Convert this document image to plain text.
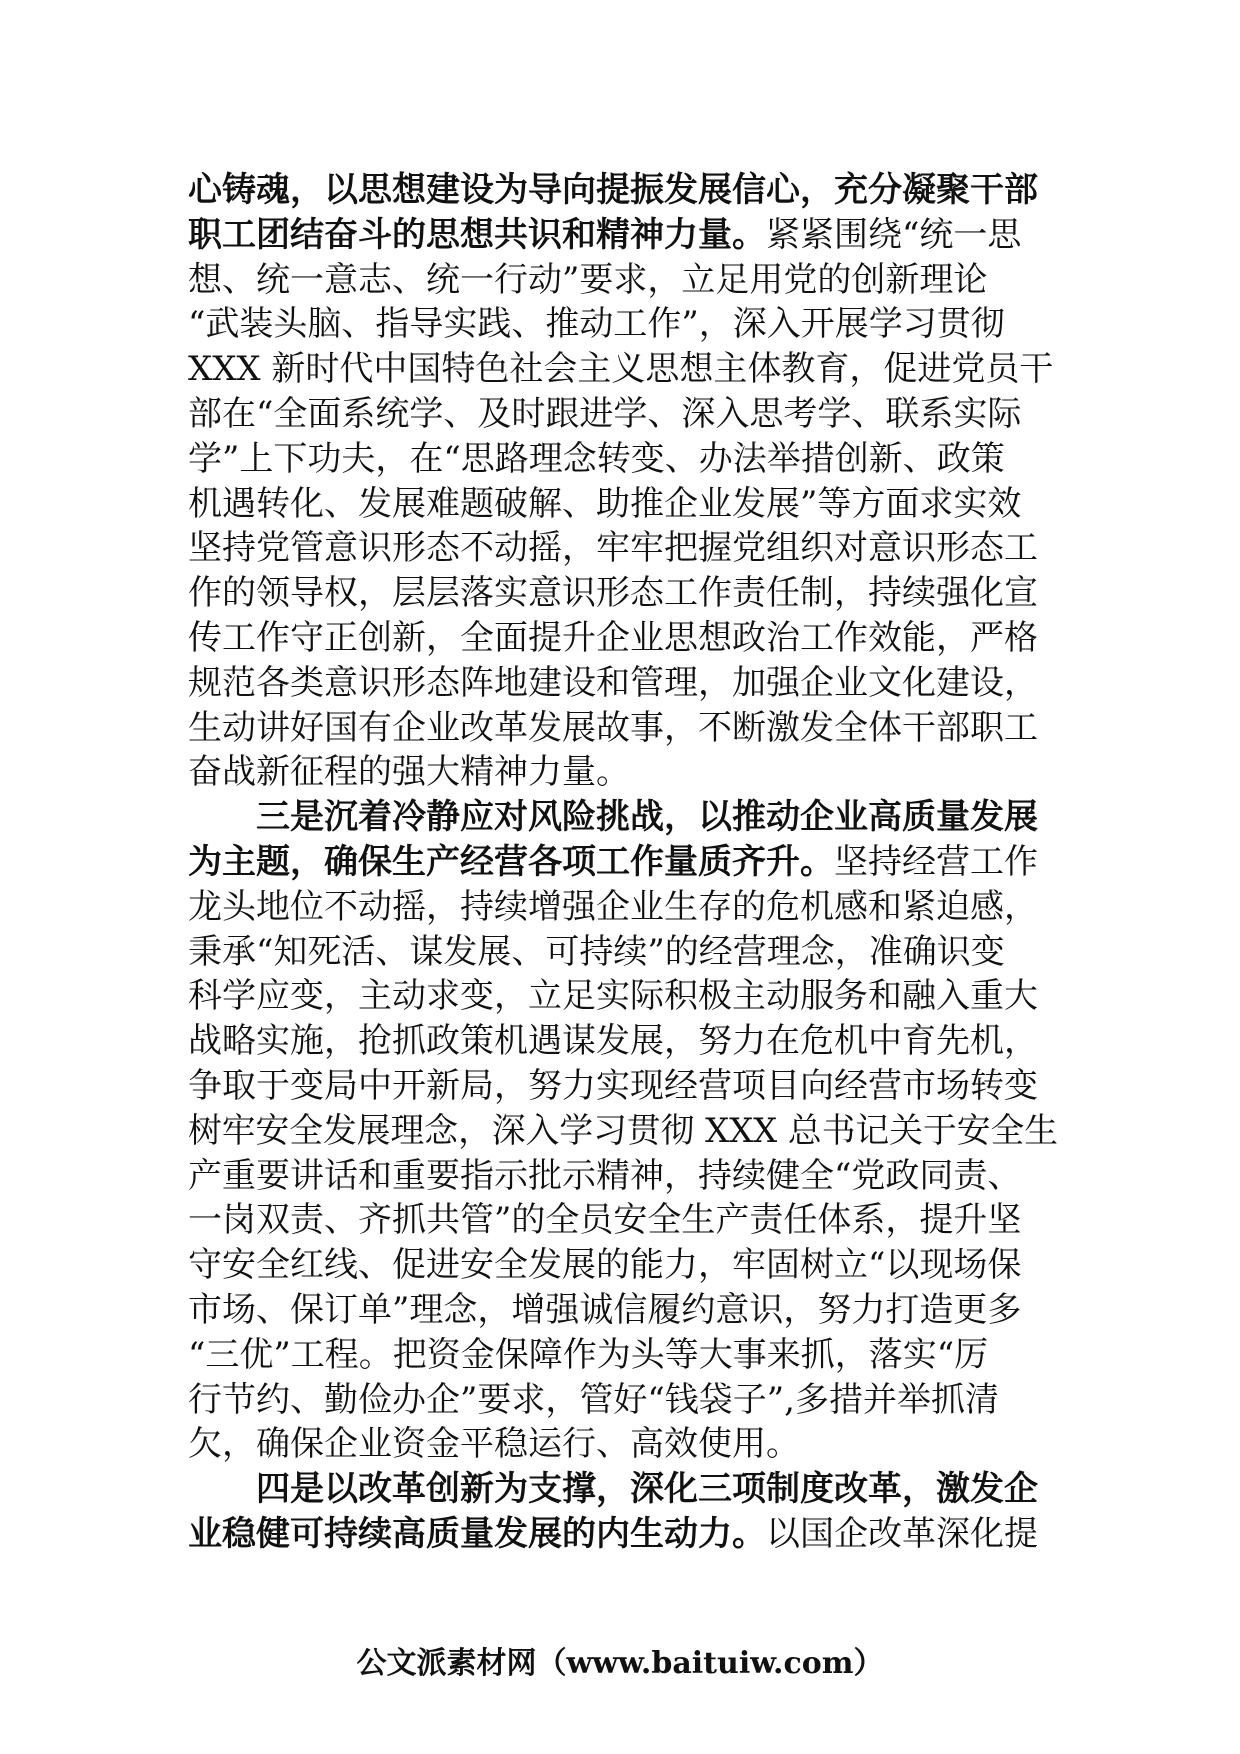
心铸魂，以思想建设为导向提振发展信心，充分凝聚干部
职工团结奋斗的思想共识和精神力量。紧紧围绕“统一思
想、统一意志、统一行动”要求，立足用党的创新理论
“武装头脑、指导实践、推动工作”，深入开展学习贯彻
XXX 新时代中国特色社会主义思想主体教育，促进党员干
部在“全面系统学、及时跟进学、深入思考学、联系实际
学”上下功夫，在“思路理念转变、办法举措创新、政策
机遇转化、发展难题破解、助推企业发展”等方面求实效
坚持党管意识形态不动摇，牢牢把握党组织对意识形态工
作的领导权，层层落实意识形态工作责任制，持续强化宣
传工作守正创新，全面提升企业思想政治工作效能，严格
规范各类意识形态阵地建设和管理，加强企业文化建设，
生动讲好国有企业改革发展故事，不断激发全体干部职工
奋战新征程的强大精神力量。
三是沉着冷静应对风险挑战，以推动企业高质量发展
为主题，确保生产经营各项工作量质齐升。坚持经营工作
龙头地位不动摇，持续增强企业生存的危机感和紧迫感，
秉承“知死活、谋发展、可持续”的经营理念，准确识变
科学应变，主动求变，立足实际积极主动服务和融入重大
战略实施，抢抓政策机遇谋发展，努力在危机中育先机，
争取于变局中开新局，努力实现经营项目向经营市场转变
树牢安全发展理念，深入学习贯彻 XXX 总书记关于安全生
产重要讲话和重要指示批示精神，持续健全“党政同责、
一岗双责、齐抓共管”的全员安全生产责任体系，提升坚
守安全红线、促进安全发展的能力，牢固树立“以现场保
市场、保订单”理念，增强诚信履约意识，努力打造更多
“三优”工程。把资金保障作为头等大事来抓，落实“厉
行节约、勤俭办企”要求，管好“钱袋子”,多措并举抓清
欠，确保企业资金平稳运行、高效使用。
四是以改革创新为支撑，深化三项制度改革，激发企
业稳健可持续高质量发展的内生动力。以国企改革深化提
公文派素材网（www.baituiw.com）
